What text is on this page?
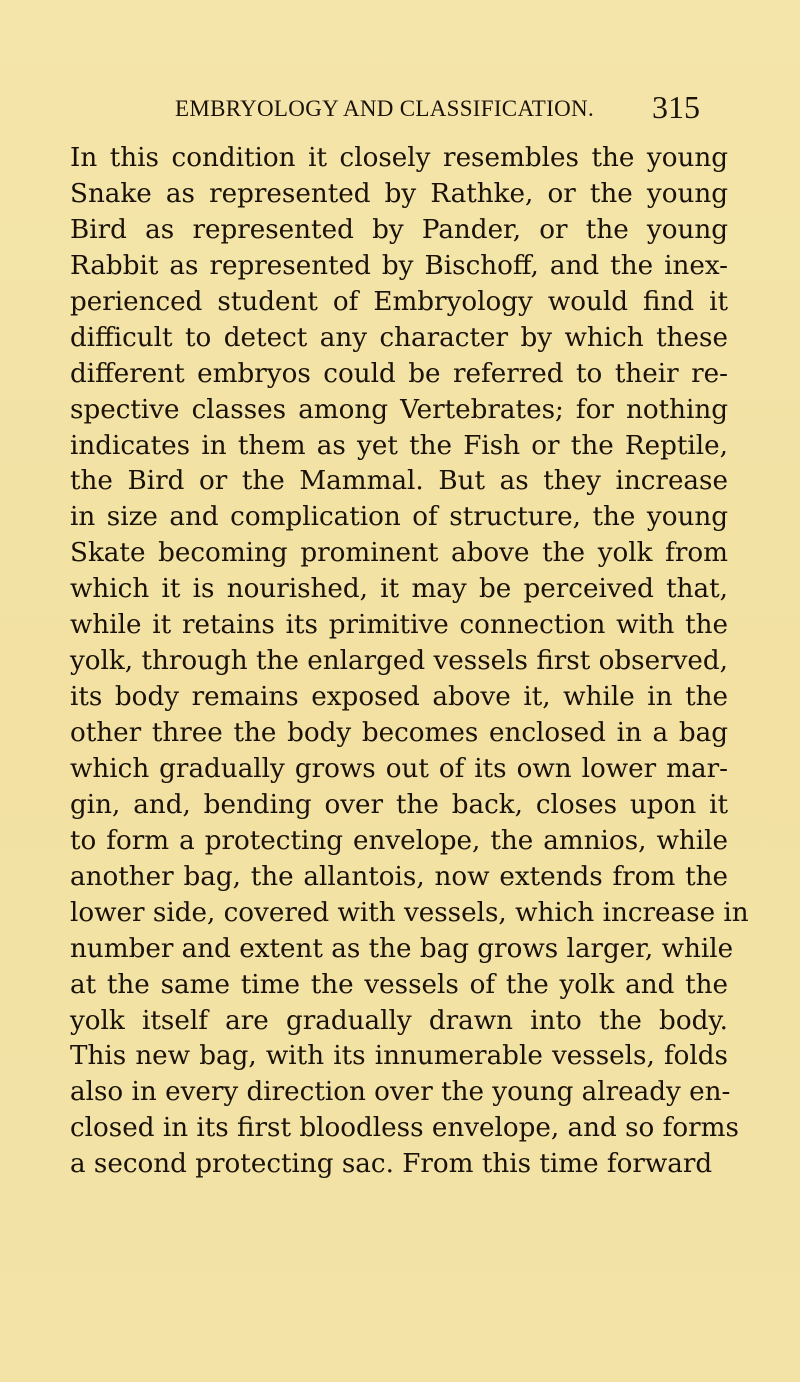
EMBRYOLOGY AND CLASSIFICATION. 315
In this condition it closely resembles the young
Snake as represented by Rathke, or the young
Bird as represented by Pander, or the young
Rabbit as represented by Bischoff, and the inex-
perienced student of Embryology would find it
difficult to detect any character by which these
different embryos could be referred to their re-
spective classes among Vertebrates; for nothing
indicates in them as yet the Fish or the Reptile,
the Bird or the Mammal. But as they increase
in size and complication of structure, the young
Skate becoming prominent above the yolk from
which it is nourished, it may be perceived that,
while it retains its primitive connection with the
yolk, through the enlarged vessels first observed,
its body remains exposed above it, while in the
other three the body becomes enclosed in a bag
which gradually grows out of its own lower mar-
gin, and, bending over the back, closes upon it
to form a protecting envelope, the amnios, while
another bag, the allantois, now extends from the
lower side, covered with vessels, which increase in
number and extent as the bag grows larger, while
at the same time the vessels of the yolk and the
yolk itself are gradually drawn into the body.
This new bag, with its innumerable vessels, folds
also in every direction over the young already en-
closed in its first bloodless envelope, and so forms
a second protecting sac. From this time forward
